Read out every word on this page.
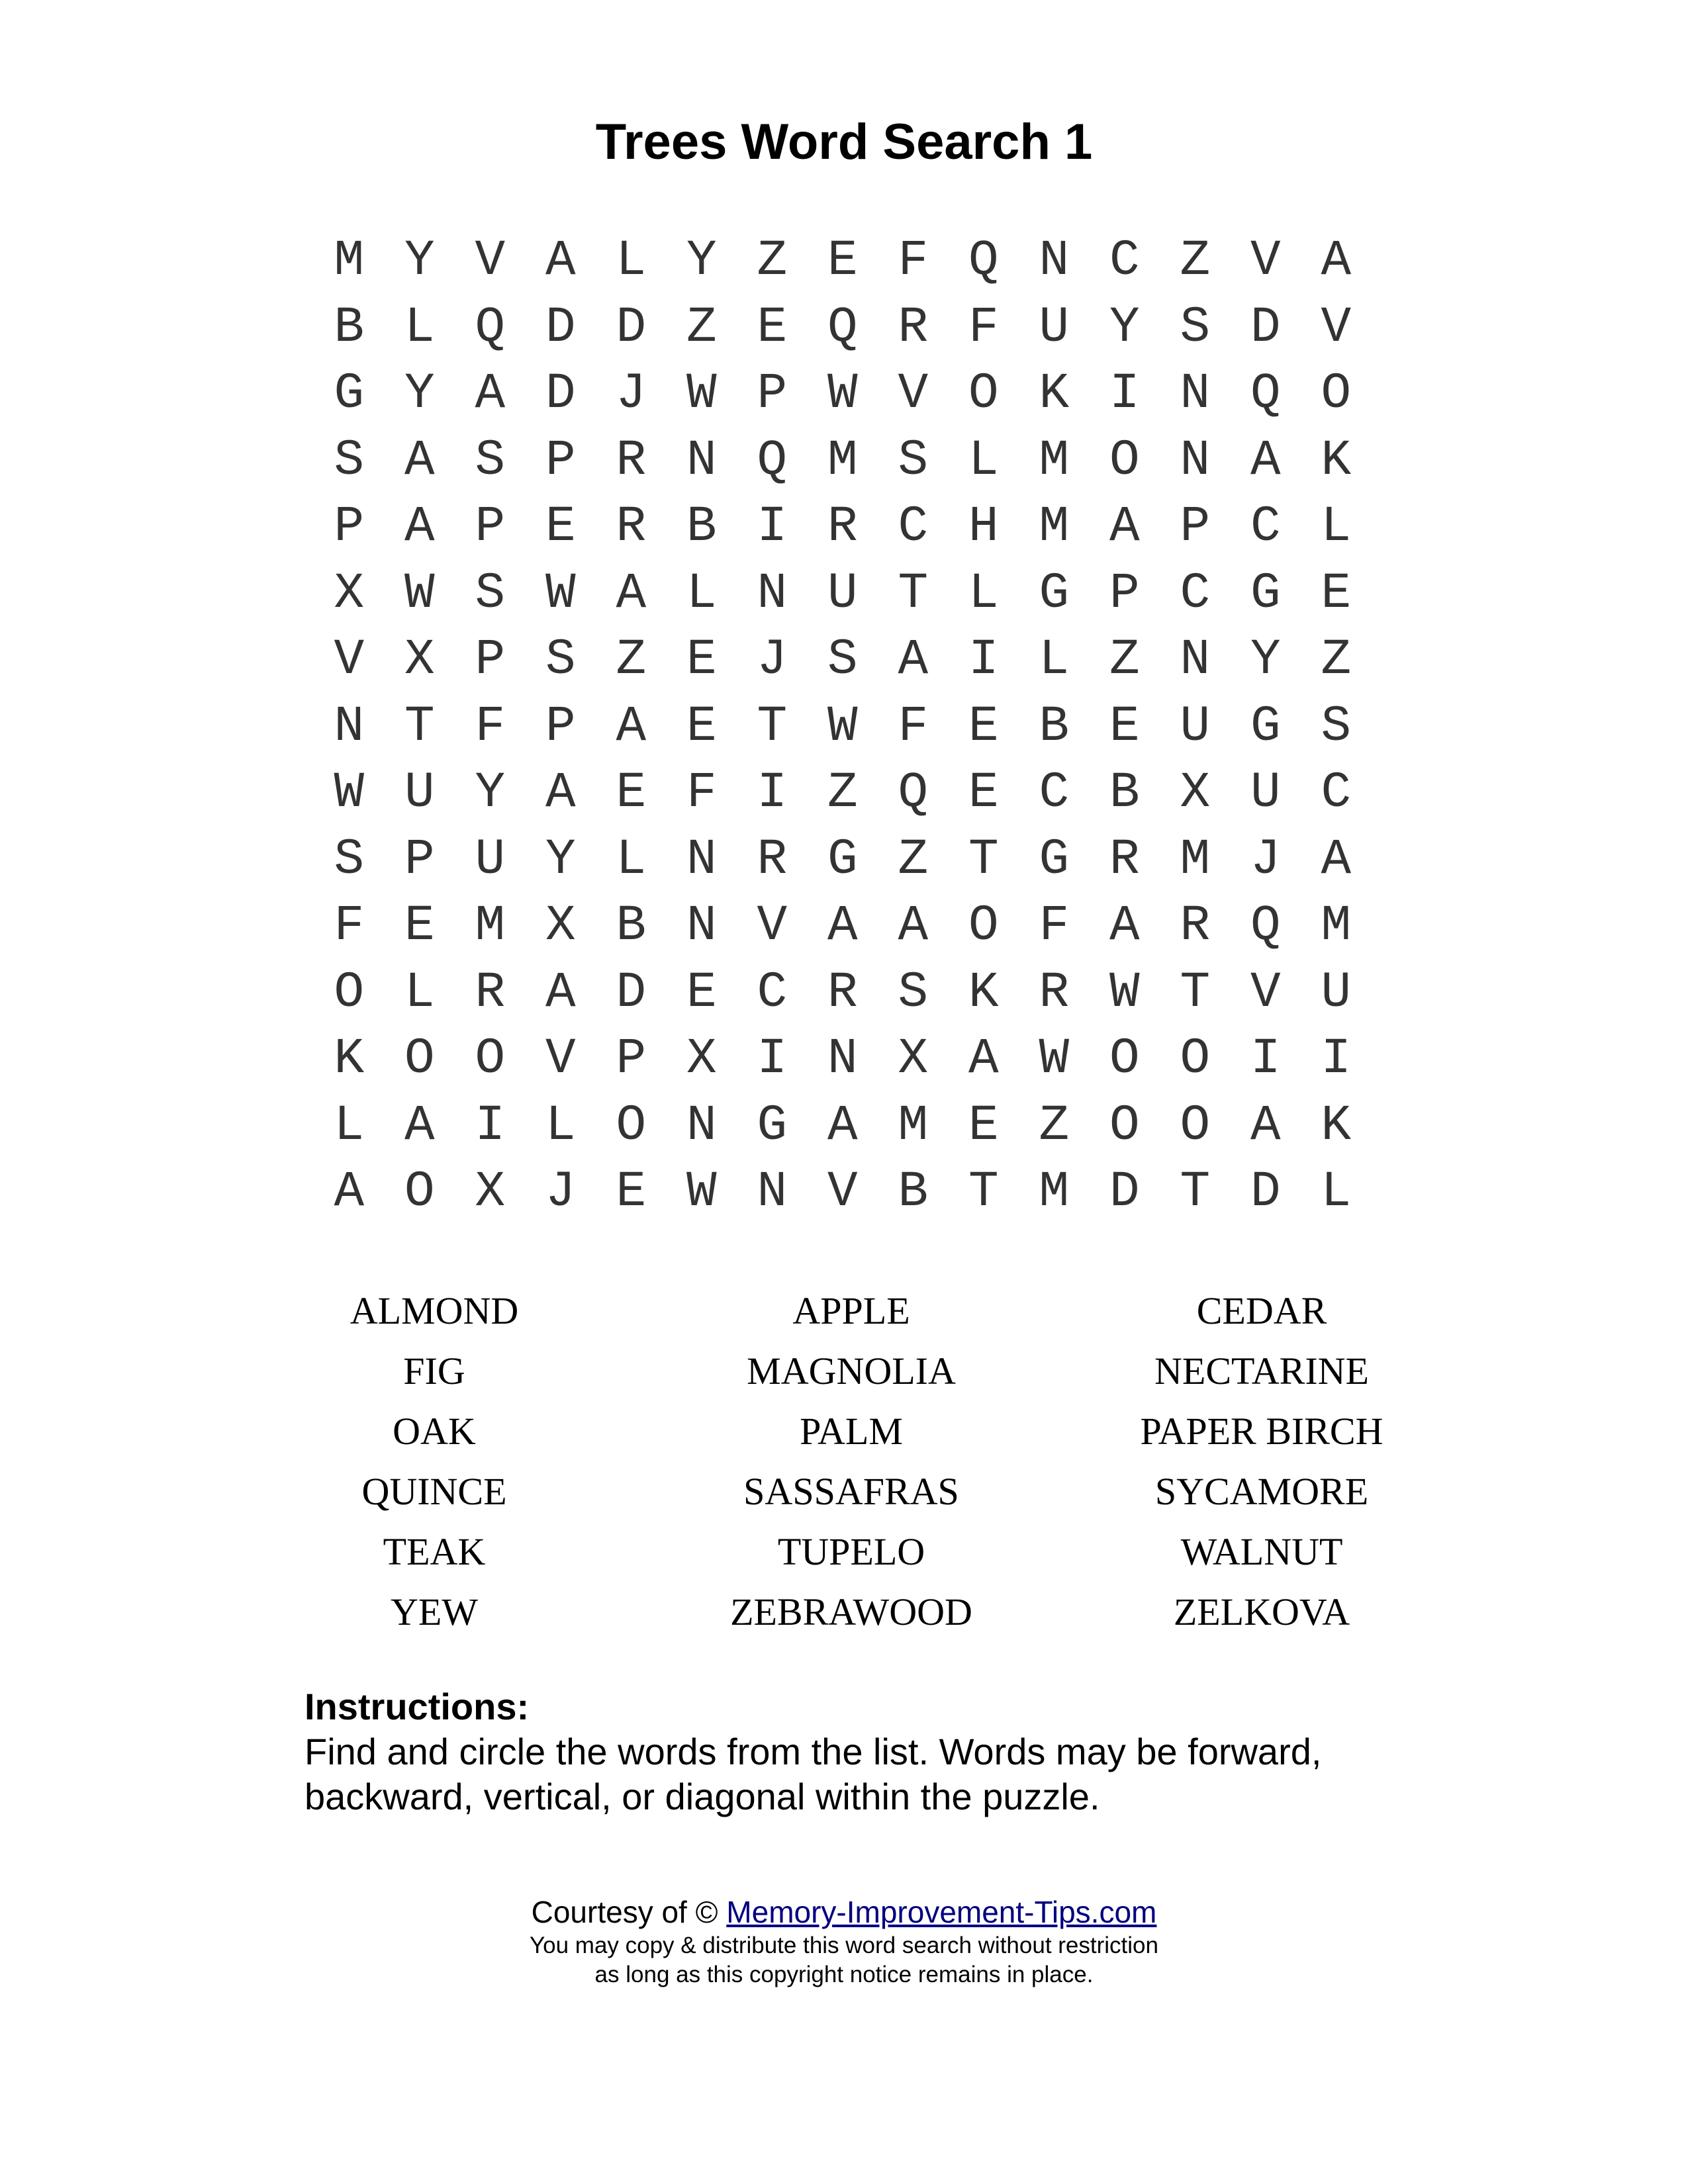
Trees Word Search 1
M Y V A L Y Z E F Q N C Z V A
B L Q D D Z E Q R F U Y S D V
G Y A D J W P W V O K I N Q O
S A S P R N Q M S L M O N A K
P A P E R B I R C H M A P C L
X W S W A L N U T L G P C G E
V X P S Z E J S A I L Z N Y Z
N T F P A E T W F E B E U G S
W U Y A E F I Z Q E C B X U C
S P U Y L N R G Z T G R M J A
F E M X B N V A A O F A R Q M
O L R A D E C R S K R W T V U
K O O V P X I N X A W O O I I
L A I L O N G A M E Z O O A K
A O X J E W N V B T M D T D L
ALMOND	APPLE	CEDAR
FIG	MAGNOLIA	NECTARINE
OAK	PALM	PAPER BIRCH
QUINCE	SASSAFRAS	SYCAMORE
TEAK	TUPELO	WALNUT
YEW	ZEBRAWOOD	ZELKOVA
Instructions:
Find and circle the words from the list. Words may be forward, backward, vertical, or diagonal within the puzzle.
Courtesy of © Memory-Improvement-Tips.com
You may copy & distribute this word search without restriction
as long as this copyright notice remains in place.
